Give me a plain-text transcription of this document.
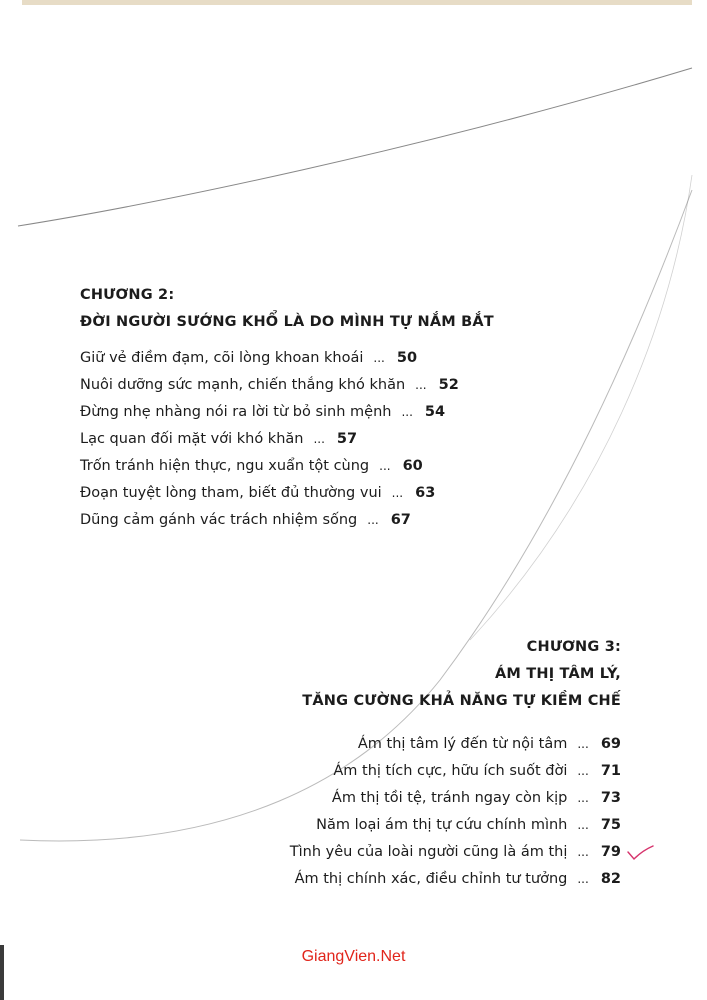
CHƯƠNG 2:
ĐỜI NGƯỜI SƯỚNG KHỔ LÀ DO MÌNH TỰ NẮM BẮT
Giữ vẻ điềm đạm, cõi lòng khoan khoái ... 50
Nuôi dưỡng sức mạnh, chiến thắng khó khăn ... 52
Đừng nhẹ nhàng nói ra lời từ bỏ sinh mệnh ... 54
Lạc quan đối mặt với khó khăn ... 57
Trốn tránh hiện thực, ngu xuẩn tột cùng ... 60
Đoạn tuyệt lòng tham, biết đủ thường vui ... 63
Dũng cảm gánh vác trách nhiệm sống ... 67
CHƯƠNG 3:
ÁM THỊ TÂM LÝ,
TĂNG CƯỜNG KHẢ NĂNG TỰ KIỀM CHẾ
Ám thị tâm lý đến từ nội tâm ... 69
Ám thị tích cực, hữu ích suốt đời ... 71
Ám thị tồi tệ, tránh ngay còn kịp ... 73
Năm loại ám thị tự cứu chính mình ... 75
Tình yêu của loài người cũng là ám thị ... 79
Ám thị chính xác, điều chỉnh tư tưởng ... 82
GiangVien.Net
